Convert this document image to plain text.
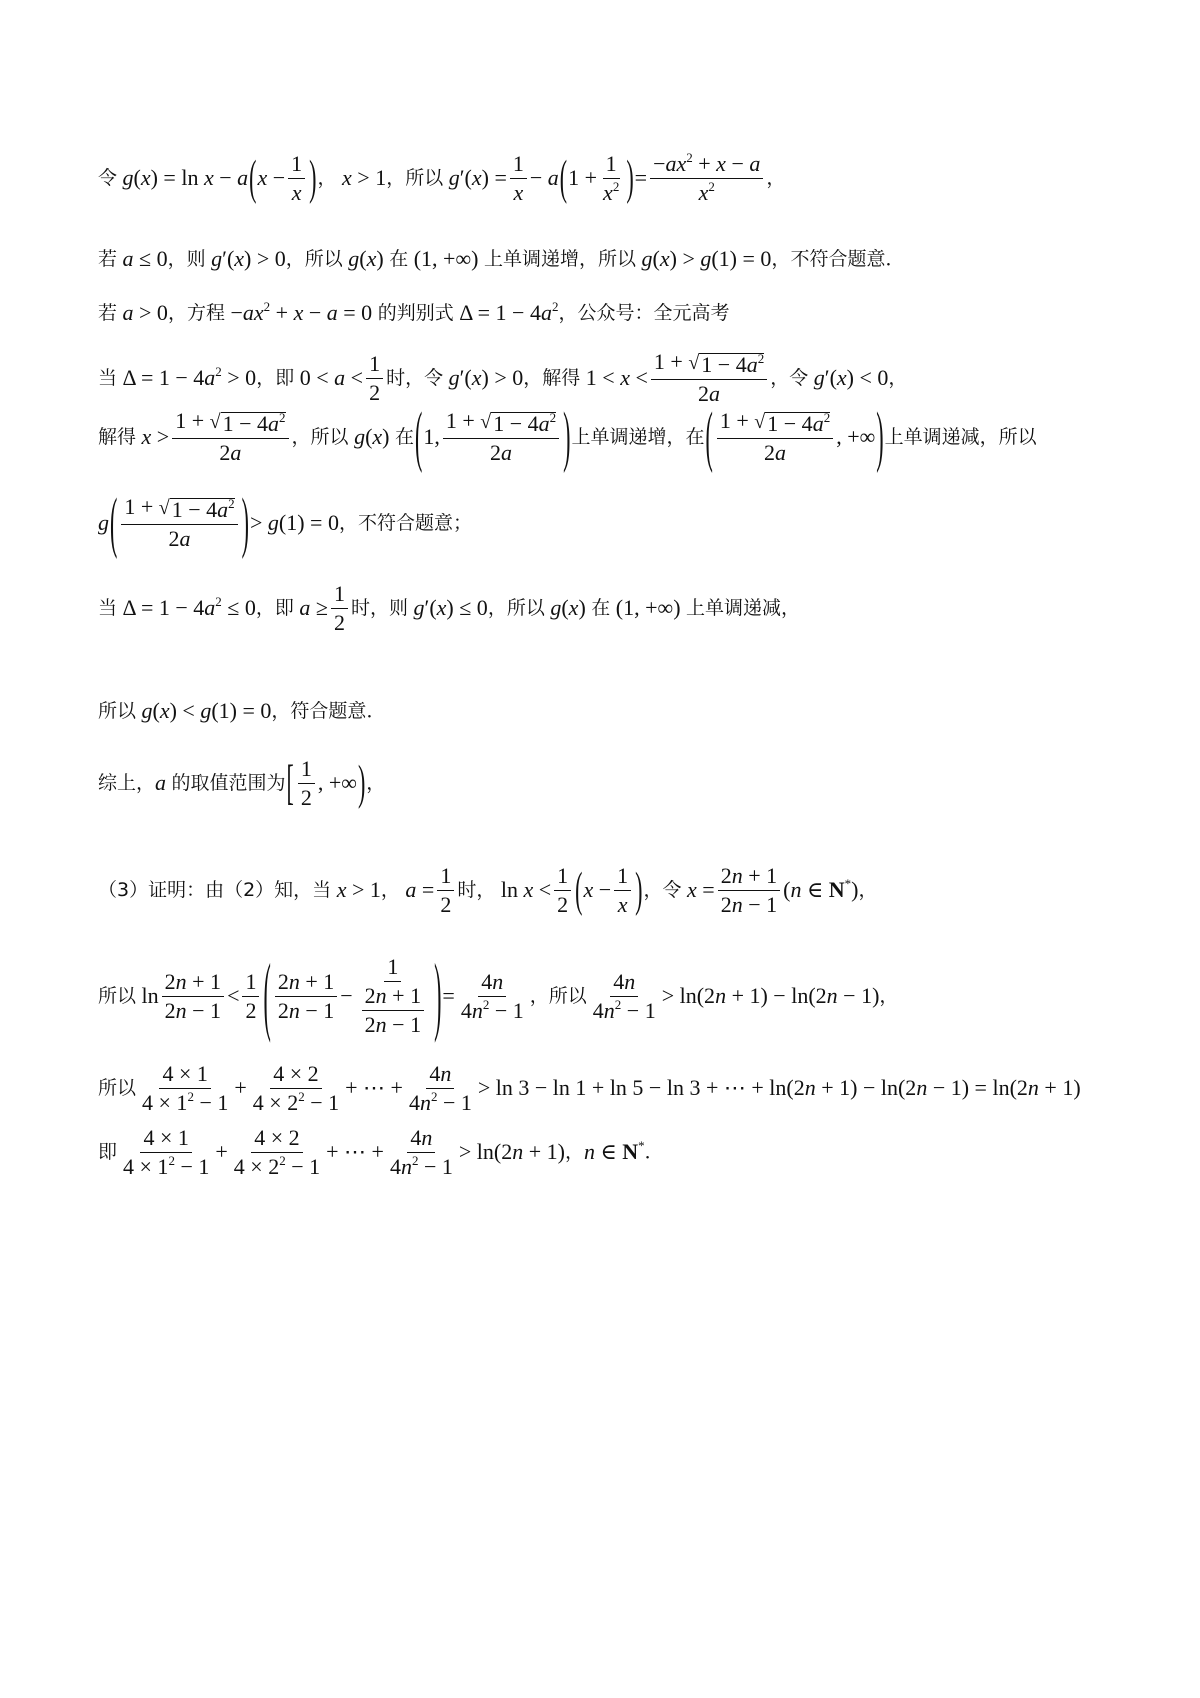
令 g(x) = ln x − a ( $x - \frac{1}{x}$ ) ， x > 1 ， 所以 $g'(x) = \frac{1}{x} - a$ ( $1 + \frac{1}{x^2}$ ) = $\frac{-ax^2 + x - a}{x^2}$ ，
若 a ≤ 0 ， 则 g′(x) > 0 ， 所以 g(x) 在 (1, +∞) 上单调递增 ， 所以 g(x) > g(1) = 0 ， 不符合题意 ．
若 a > 0 ， 方程 $-ax^2 + x - a = 0$ 的判别式 $\Delta = 1 - 4a^2$ ， 公众号：全元高考
当 $\Delta = 1 - 4a^2 > 0$ ， 即 $0 < a < \frac{1}{2}$ 时 ， 令 g′(x) > 0 ， 解得 $1 < x < \frac{1 + √ 1 - 4a^2}{2a}$ ， 令 g′(x) < 0 ，
解得 $x > \frac{1 + √ 1 - 4a^2}{2a}$ ， 所以 g(x) 在 ( 1, $\frac{1 + √ 1 - 4a^2}{2a}$ ) 上单调递增 ， 在 ( $\frac{1 + √ 1 - 4a^2}{2a}$ , +∞ ) 上单调递减 ， 所以
g ( $\frac{1 + √ 1 - 4a^2}{2a}$ ) > g(1) = 0 ， 不符合题意 ；
当 $\Delta = 1 - 4a^2 \le 0$ ， 即 $a \ge \frac{1}{2}$ 时 ， 则 g′(x) ≤ 0 ， 所以 g(x) 在 (1, +∞) 上单调递减 ，
所以 g(x) < g(1) = 0 ， 符合题意 ．
综上 ， a 的取值范围为 [ $\frac{1}{2}$ , +∞ ) ，
（3）证明：由（2）知，当 x > 1 ， $a = \frac{1}{2}$ 时 ， $\ln x < \frac{1}{2}$ ( $x - \frac{1}{x}$ ) ， 令 $x = \frac{2n + 1}{2n - 1} (n$ ∈ N*) ，
所以 $\ln \frac{2n + 1}{2n - 1} < \frac{1}{2}$ ( $\frac{2n + 1}{2n - 1} - \frac{1}{\frac{2n + 1}{2n - 1}}$ ) = $\frac{4n}{4n^2 - 1}$ ， 所以 $\frac{4n}{4n^2 - 1} > \ln(2n + 1) - \ln(2n - 1)$ ，
所以 $\frac{4 \times 1}{4 \times 1^2 - 1} + \frac{4 \times 2}{4 \times 2^2 - 1}$ + ⋯ + $\frac{4n}{4n^2 - 1} > \ln 3 - \ln 1 + \ln 5 - \ln 3$ + ⋯ + ln(2n + 1) − ln(2n − 1) = ln(2n + 1)
即 $\frac{4 \times 1}{4 \times 1^2 - 1} + \frac{4 \times 2}{4 \times 2^2 - 1}$ + ⋯ + $\frac{4n}{4n^2 - 1} > \ln(2n + 1)$ ， n ∈ N* ．
